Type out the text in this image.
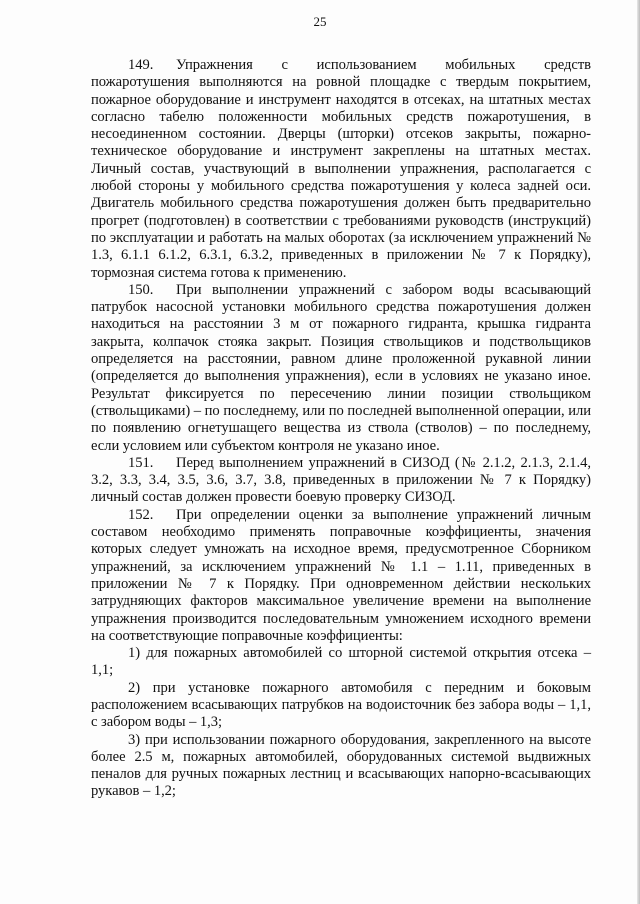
25

149. Упражнения с использованием мобильных средств пожаротушения выполняются на ровной площадке с твердым покрытием, пожарное оборудование и инструмент находятся в отсеках, на штатных местах согласно табелю положенности мобильных средств пожаротушения, в несоединенном состоянии. Дверцы (шторки) отсеков закрыты, пожарно-техническое оборудование и инструмент закреплены на штатных местах. Личный состав, участвующий в выполнении упражнения, располагается с любой стороны у мобильного средства пожаротушения у колеса задней оси. Двигатель мобильного средства пожаротушения должен быть предварительно прогрет (подготовлен) в соответствии с требованиями руководств (инструкций) по эксплуатации и работать на малых оборотах (за исключением упражнений № 1.3, 6.1.1 6.1.2, 6.3.1, 6.3.2, приведенных в приложении № 7 к Порядку), тормозная система готова к применению.

150. При выполнении упражнений с забором воды всасывающий патрубок насосной установки мобильного средства пожаротушения должен находиться на расстоянии 3 м от пожарного гидранта, крышка гидранта закрыта, колпачок стояка закрыт. Позиция ствольщиков и подствольщиков определяется на расстоянии, равном длине проложенной рукавной линии (определяется до выполнения упражнения), если в условиях не указано иное. Результат фиксируется по пересечению линии позиции ствольщиком (ствольщиками) – по последнему, или по последней выполненной операции, или по появлению огнетушащего вещества из ствола (стволов) – по последнему, если условием или субъектом контроля не указано иное.

151. Перед выполнением упражнений в СИЗОД (№ 2.1.2, 2.1.3, 2.1.4, 3.2, 3.3, 3.4, 3.5, 3.6, 3.7, 3.8, приведенных в приложении № 7 к Порядку) личный состав должен провести боевую проверку СИЗОД.

152. При определении оценки за выполнение упражнений личным составом необходимо применять поправочные коэффициенты, значения которых следует умножать на исходное время, предусмотренное Сборником упражнений, за исключением упражнений № 1.1 – 1.11, приведенных в приложении № 7 к Порядку. При одновременном действии нескольких затрудняющих факторов максимальное увеличение времени на выполнение упражнения производится последовательным умножением исходного времени на соответствующие поправочные коэффициенты:

1) для пожарных автомобилей со шторной системой открытия отсека – 1,1;

2) при установке пожарного автомобиля с передним и боковым расположением всасывающих патрубков на водоисточник без забора воды – 1,1, с забором воды – 1,3;

3) при использовании пожарного оборудования, закрепленного на высоте более 2.5 м, пожарных автомобилей, оборудованных системой выдвижных пеналов для ручных пожарных лестниц и всасывающих напорно-всасывающих рукавов – 1,2;
